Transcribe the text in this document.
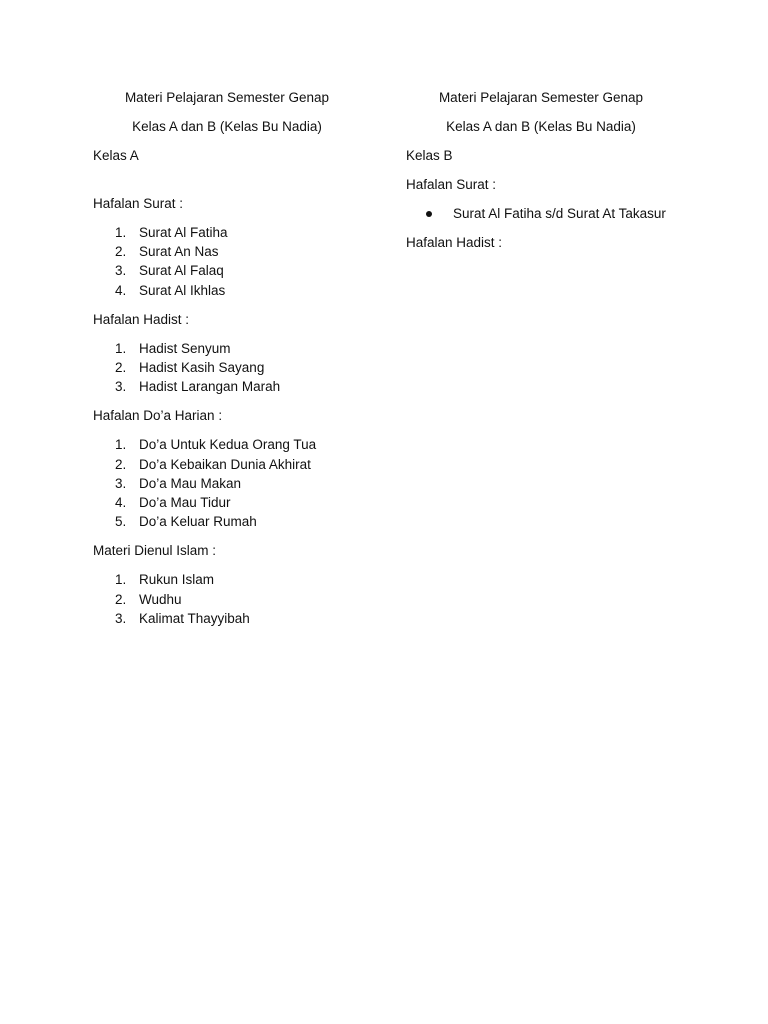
Materi Pelajaran Semester Genap

Kelas A dan B (Kelas Bu Nadia)

Kelas A

Hafalan Surat :

1. Surat Al Fatiha
2. Surat An Nas
3. Surat Al Falaq
4. Surat Al Ikhlas

Hafalan Hadist :

1. Hadist Senyum
2. Hadist Kasih Sayang
3. Hadist Larangan Marah

Hafalan Do’a Harian :

1. Do’a Untuk Kedua Orang Tua
2. Do’a Kebaikan Dunia Akhirat
3. Do’a Mau Makan
4. Do’a Mau Tidur
5. Do’a Keluar Rumah

Materi Dienul Islam :

1. Rukun Islam
2. Wudhu
3. Kalimat Thayyibah

Materi Pelajaran Semester Genap

Kelas A dan B (Kelas Bu Nadia)

Kelas B

Hafalan Surat :

Surat Al Fatiha s/d Surat At Takasur

Hafalan Hadist :
